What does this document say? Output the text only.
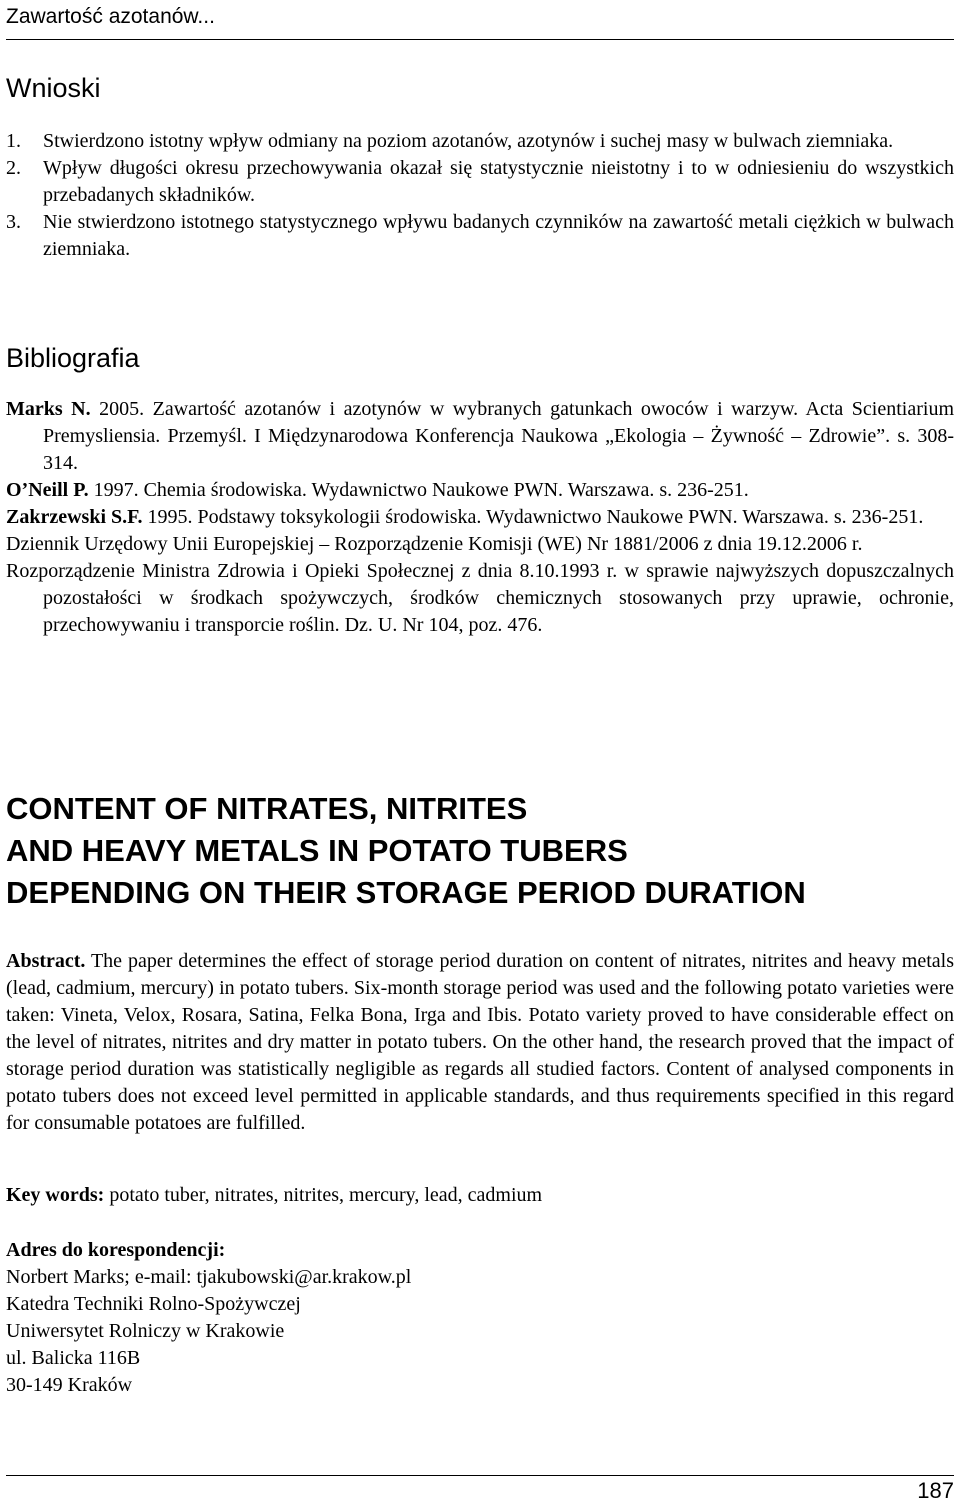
Zawartość azotanów...
Wnioski
1. Stwierdzono istotny wpływ odmiany na poziom azotanów, azotynów i suchej masy w bulwach ziemniaka.
2. Wpływ długości okresu przechowywania okazał się statystycznie nieistotny i to w odniesieniu do wszystkich przebadanych składników.
3. Nie stwierdzono istotnego statystycznego wpływu badanych czynników na zawartość metali ciężkich w bulwach ziemniaka.
Bibliografia
Marks N. 2005. Zawartość azotanów i azotynów w wybranych gatunkach owoców i warzyw. Acta Scientiarium Premysliensia. Przemyśl. I Międzynarodowa Konferencja Naukowa „Ekologia – Żywność – Zdrowie”. s. 308-314.
O’Neill P. 1997. Chemia środowiska. Wydawnictwo Naukowe PWN. Warszawa. s. 236-251.
Zakrzewski S.F. 1995. Podstawy toksykologii środowiska. Wydawnictwo Naukowe PWN. Warszawa. s. 236-251.
Dziennik Urzędowy Unii Europejskiej – Rozporządzenie Komisji (WE) Nr 1881/2006 z dnia 19.12.2006 r.
Rozporządzenie Ministra Zdrowia i Opieki Społecznej z dnia 8.10.1993 r. w sprawie najwyższych dopuszczalnych pozostałości w środkach spożywczych, środków chemicznych stosowanych przy uprawie, ochronie, przechowywaniu i transporcie roślin. Dz. U. Nr 104, poz. 476.
CONTENT OF NITRATES, NITRITES
AND HEAVY METALS IN POTATO TUBERS
DEPENDING ON THEIR STORAGE PERIOD DURATION
Abstract. The paper determines the effect of storage period duration on content of nitrates, nitrites and heavy metals (lead, cadmium, mercury) in potato tubers. Six-month storage period was used and the following potato varieties were taken: Vineta, Velox, Rosara, Satina, Felka Bona, Irga and Ibis. Potato variety proved to have considerable effect on the level of nitrates, nitrites and dry matter in potato tubers. On the other hand, the research proved that the impact of storage period duration was statistically negligible as regards all studied factors. Content of analysed components in potato tubers does not exceed level permitted in applicable standards, and thus requirements specified in this regard for consumable potatoes are fulfilled.
Key words: potato tuber, nitrates, nitrites, mercury, lead, cadmium
Adres do korespondencji:
Norbert Marks; e-mail: tjakubowski@ar.krakow.pl
Katedra Techniki Rolno-Spożywczej
Uniwersytet Rolniczy w Krakowie
ul. Balicka 116B
30-149 Kraków
187
